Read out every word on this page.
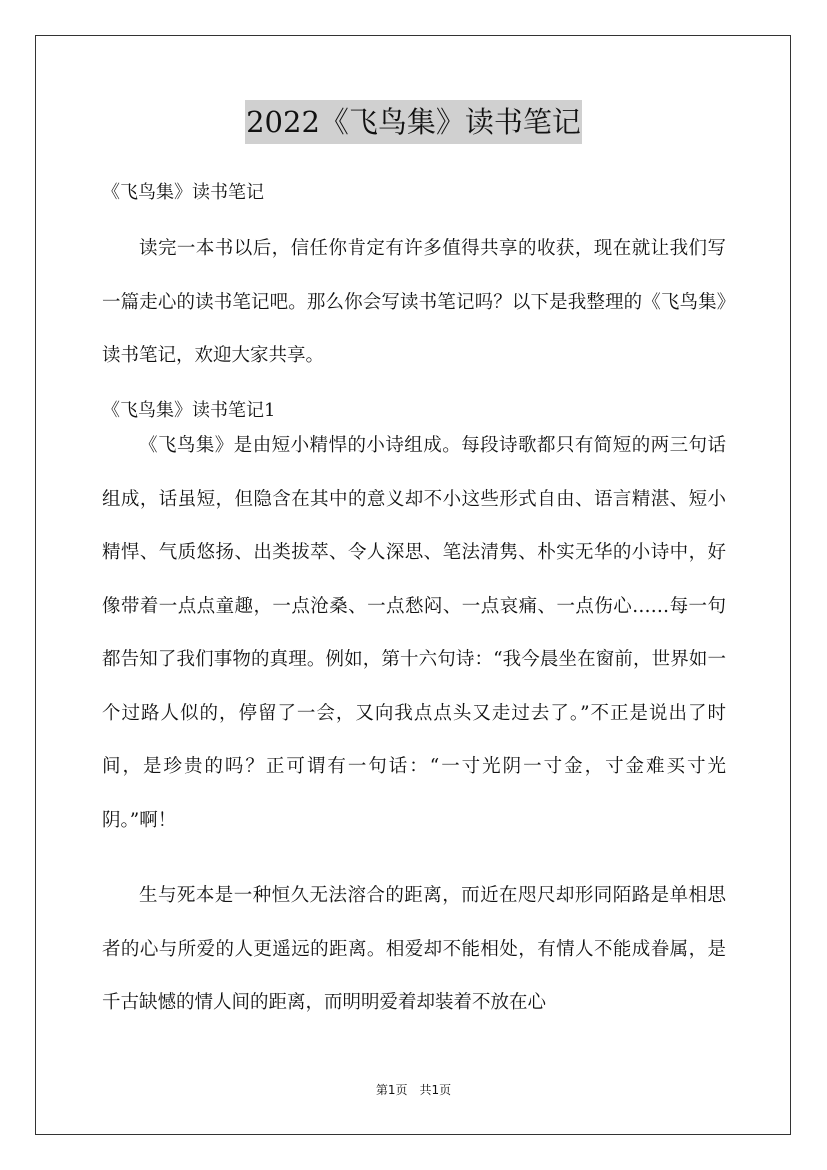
2022《飞鸟集》读书笔记
《飞鸟集》读书笔记
读完一本书以后，信任你肯定有许多值得共享的收获，现在就让我们写一篇走心的读书笔记吧。那么你会写读书笔记吗？以下是我整理的《飞鸟集》读书笔记，欢迎大家共享。
《飞鸟集》读书笔记1
《飞鸟集》是由短小精悍的小诗组成。每段诗歌都只有简短的两三句话组成，话虽短，但隐含在其中的意义却不小这些形式自由、语言精湛、短小精悍、气质悠扬、出类拔萃、令人深思、笔法清隽、朴实无华的小诗中，好像带着一点点童趣，一点沧桑、一点愁闷、一点哀痛、一点伤心……每一句都告知了我们事物的真理。例如，第十六句诗：“我今晨坐在窗前，世界如一个过路人似的，停留了一会，又向我点点头又走过去了。”不正是说出了时间，是珍贵的吗？正可谓有一句话：“一寸光阴一寸金，寸金难买寸光阴。”啊！
生与死本是一种恒久无法溶合的距离，而近在咫尺却形同陌路是单相思者的心与所爱的人更遥远的距离。相爱却不能相处，有情人不能成眷属，是千古缺憾的情人间的距离，而明明爱着却装着不放在心
第1页　共1页
